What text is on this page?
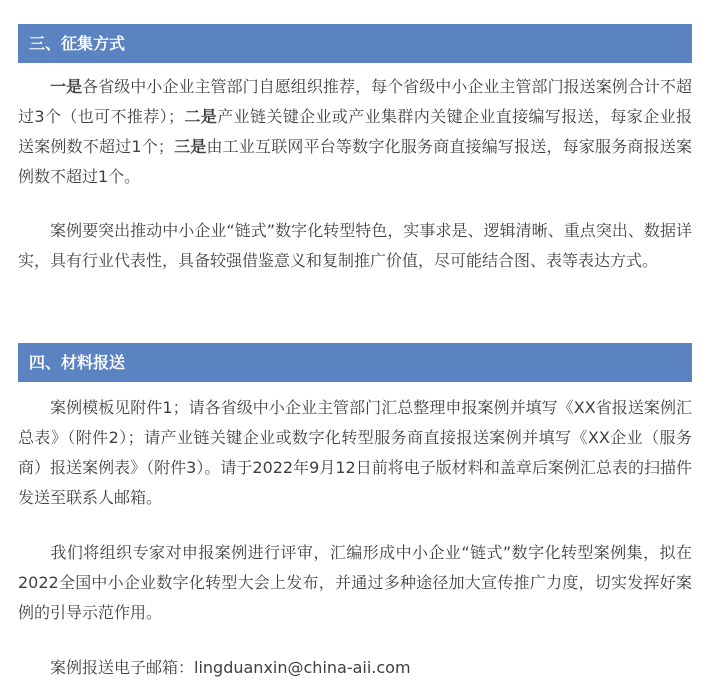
三、征集方式

一是各省级中小企业主管部门自愿组织推荐，每个省级中小企业主管部门报送案例合计不超过3个（也可不推荐）；二是产业链关键企业或产业集群内关键企业直接编写报送，每家企业报送案例数不超过1个；三是由工业互联网平台等数字化服务商直接编写报送，每家服务商报送案例数不超过1个。

案例要突出推动中小企业“链式”数字化转型特色，实事求是、逻辑清晰、重点突出、数据详实，具有行业代表性，具备较强借鉴意义和复制推广价值，尽可能结合图、表等表达方式。

四、材料报送

案例模板见附件1；请各省级中小企业主管部门汇总整理申报案例并填写《XX省报送案例汇总表》（附件2）；请产业链关键企业或数字化转型服务商直接报送案例并填写《XX企业（服务商）报送案例表》（附件3）。请于2022年9月12日前将电子版材料和盖章后案例汇总表的扫描件发送至联系人邮箱。

我们将组织专家对申报案例进行评审，汇编形成中小企业“链式”数字化转型案例集，拟在2022全国中小企业数字化转型大会上发布，并通过多种途径加大宣传推广力度，切实发挥好案例的引导示范作用。

案例报送电子邮箱：lingduanxin@china-aii.com
